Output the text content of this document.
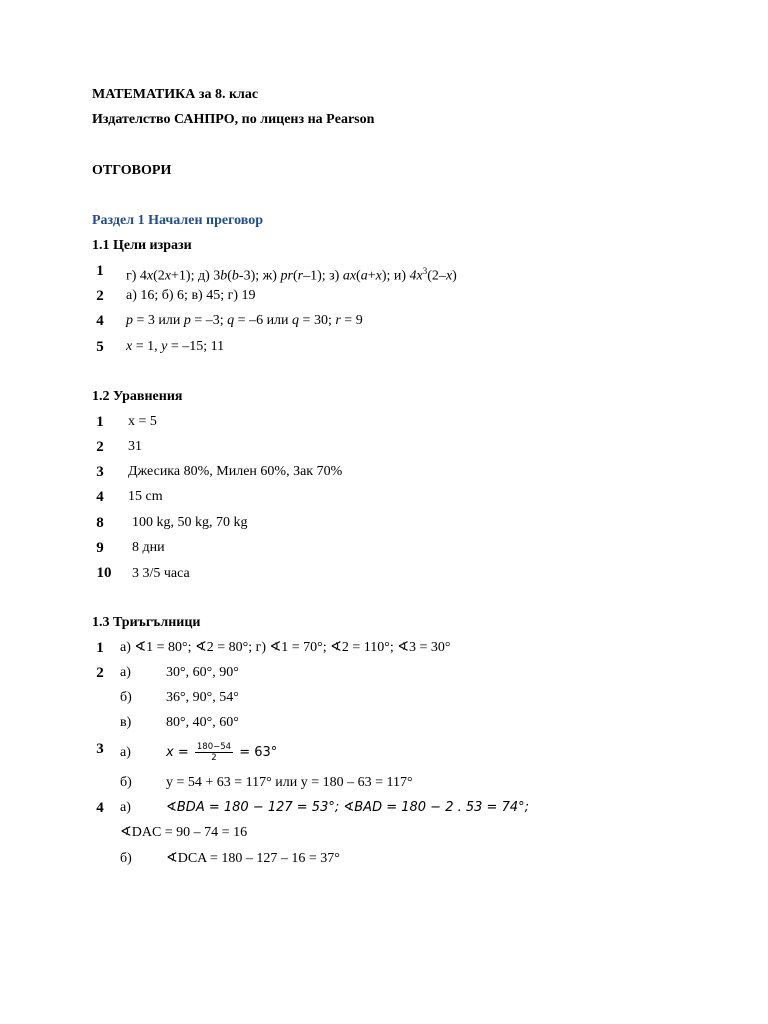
МАТЕМАТИКА за 8. клас
Издателство САНПРО, по лиценз на Pearson
ОТГОВОРИ
Раздел 1 Начален преговор
1.1 Цели изрази
1	г) 4x(2x+1); д) 3b(b-3); ж) pr(r–1); з) ax(a+x); и) $4x^3(2-x)$
2	а) 16; б) 6; в) 45; г) 19
4	p = 3 или p = –3; q = –6 или q = 30; r = 9
5	x = 1, y = –15; 11
1.2 Уравнения
1	x = 5
2	31
3	Джесика 80%, Милен 60%, Зак 70%
4	15 cm
8	100 kg, 50 kg, 70 kg
9	8 дни
10 3 3/5 часа
1.3 Триъгълници
1	а) ∢1 = 80°; ∢2 = 80°; г) ∢1 = 70°; ∢2 = 110°; ∢3 = 30°
2	а)	30°, 60°, 90°
б) 36°, 90°, 54°
в) 80°, 40°, 60°
3	а)	$x = \frac{180-54}{2} = 63^\circ$
б) y = 54 + 63 = 117° или y = 180 – 63 = 117°
4	а)	∢BDA = 180 − 127 = 53°; ∢BAD = 180 − 2 . 53 = 74°;
∢DAC = 90 – 74 = 16
б) ∢DCA = 180 – 127 – 16 = 37°
